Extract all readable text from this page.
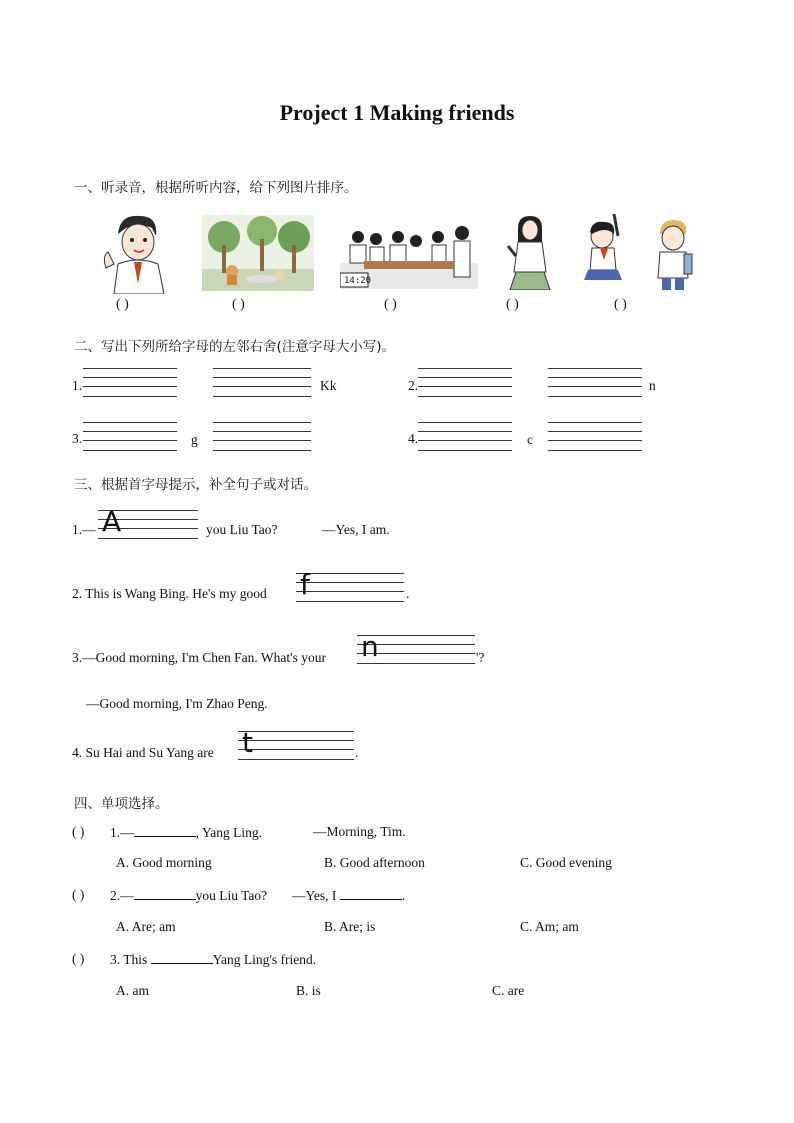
Project 1 Making friends
一、听录音，根据所听内容，给下列图片排序。
14:20
( )	( )	( )	( )	( )
二、写出下列所给字母的左邻右舍(注意字母大小写)。
1.	Kk	2.	n
3.	g	4.	c
三、根据首字母提示，补全句子或对话。
1.— A	you Liu Tao?	—Yes, I am.
2. This is Wang Bing. He's my good f	.
3.—Good morning, I'm Chen Fan. What's your n	'?
—Good morning, I'm Zhao Peng.
4. Su Hai and Su Yang are t	.
四、单项选择。
( ) 1.—	, Yang Ling.	—Morning, Tim.
A. Good morning	B. Good afternoon	C. Good evening
( ) 2.—	you Liu Tao? —Yes, I	.
A. Are; am	B. Are; is	C. Am; am
( ) 3. This	Yang Ling's friend.
A. am	B. is	C. are
